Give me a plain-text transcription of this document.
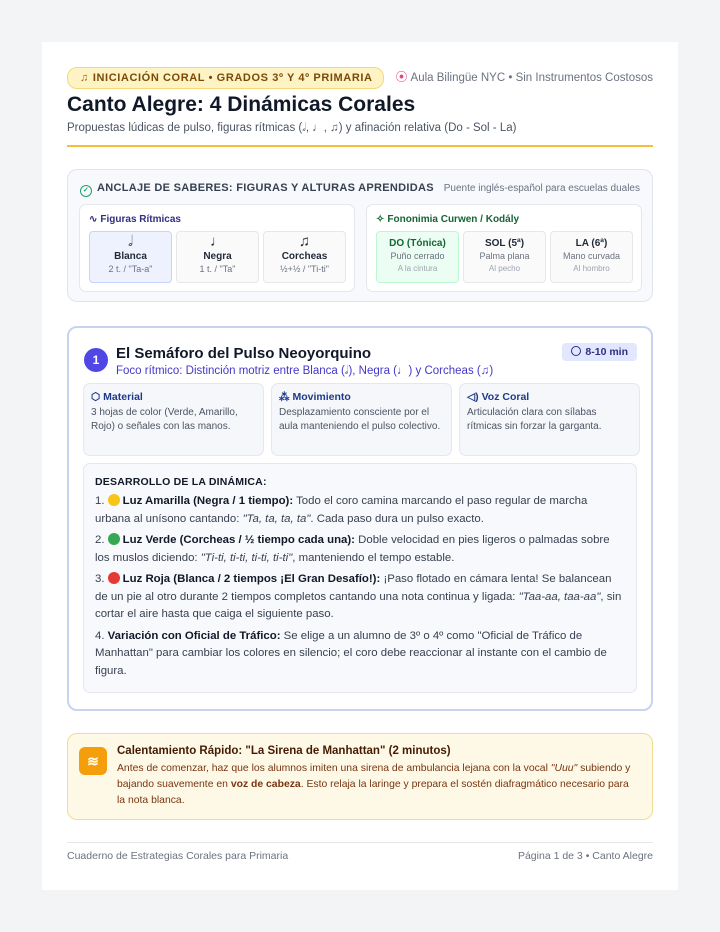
♫ INICIACIÓN CORAL • GRADOS 3º Y 4º PRIMARIA	⦿ Aula Bilingüe NYC • Sin Instrumentos Costosos
Canto Alegre: 4 Dinámicas Corales
Propuestas lúdicas de pulso, figuras rítmicas (𝅗𝅥, ♩, ♫) y afinación relativa (Do - Sol - La)
✓ ANCLAJE DE SABERES: FIGURAS Y ALTURAS APRENDIDAS Puente inglés-español para escuelas duales
∿ Figuras Rítmicas
𝅗𝅥
Blanca
2 t. / "Ta-a"
♩
Negra
1 t. / "Ta"
♫
Corcheas
½+½ / "Ti-ti"
✧ Fononimia Curwen / Kodály
DO (Tónica)
Puño cerrado
A la cintura
SOL (5ª)
Palma plana
Al pecho
LA (6ª)
Mano curvada
Al hombro
1	El Semáforo del Pulso Neoyorquino
Foco rítmico: Distinción motriz entre Blanca (𝅗𝅥), Negra (♩) y Corcheas (♫)
8-10 min
⬡ Material
3 hojas de color (Verde, Amarillo, Rojo) o señales con las manos.
⁂ Movimiento
Desplazamiento consciente por el aula manteniendo el pulso colectivo.
◁) Voz Coral
Articulación clara con sílabas rítmicas sin forzar la garganta.
DESARROLLO DE LA DINÁMICA:

1. Luz Amarilla (Negra / 1 tiempo): Todo el coro camina marcando el paso regular de marcha urbana al unísono cantando: "Ta, ta, ta, ta". Cada paso dura un pulso exacto.

2. Luz Verde (Corcheas / ½ tiempo cada una): Doble velocidad en pies ligeros o palmadas sobre los muslos diciendo: "Ti-ti, ti-ti, ti-ti, ti-ti", manteniendo el tempo estable.

3. Luz Roja (Blanca / 2 tiempos ¡El Gran Desafío!): ¡Paso flotado en cámara lenta! Se balancean de un pie al otro durante 2 tiempos completos cantando una nota continua y ligada: "Taa-aa, taa-aa", sin cortar el aire hasta que caiga el siguiente paso.

4. Variación con Oficial de Tráfico: Se elige a un alumno de 3º o 4º como "Oficial de Tráfico de Manhattan" para cambiar los colores en silencio; el coro debe reaccionar al instante con el cambio de figura.

≋
Calentamiento Rápido: "La Sirena de Manhattan" (2 minutos)
Antes de comenzar, haz que los alumnos imiten una sirena de ambulancia lejana con la vocal "Uuu" subiendo y bajando suavemente en voz de cabeza. Esto relaja la laringe y prepara el sostén diafragmático necesario para la nota blanca.
Cuaderno de Estrategias Corales para Primaria	Página 1 de 3 • Canto Alegre
